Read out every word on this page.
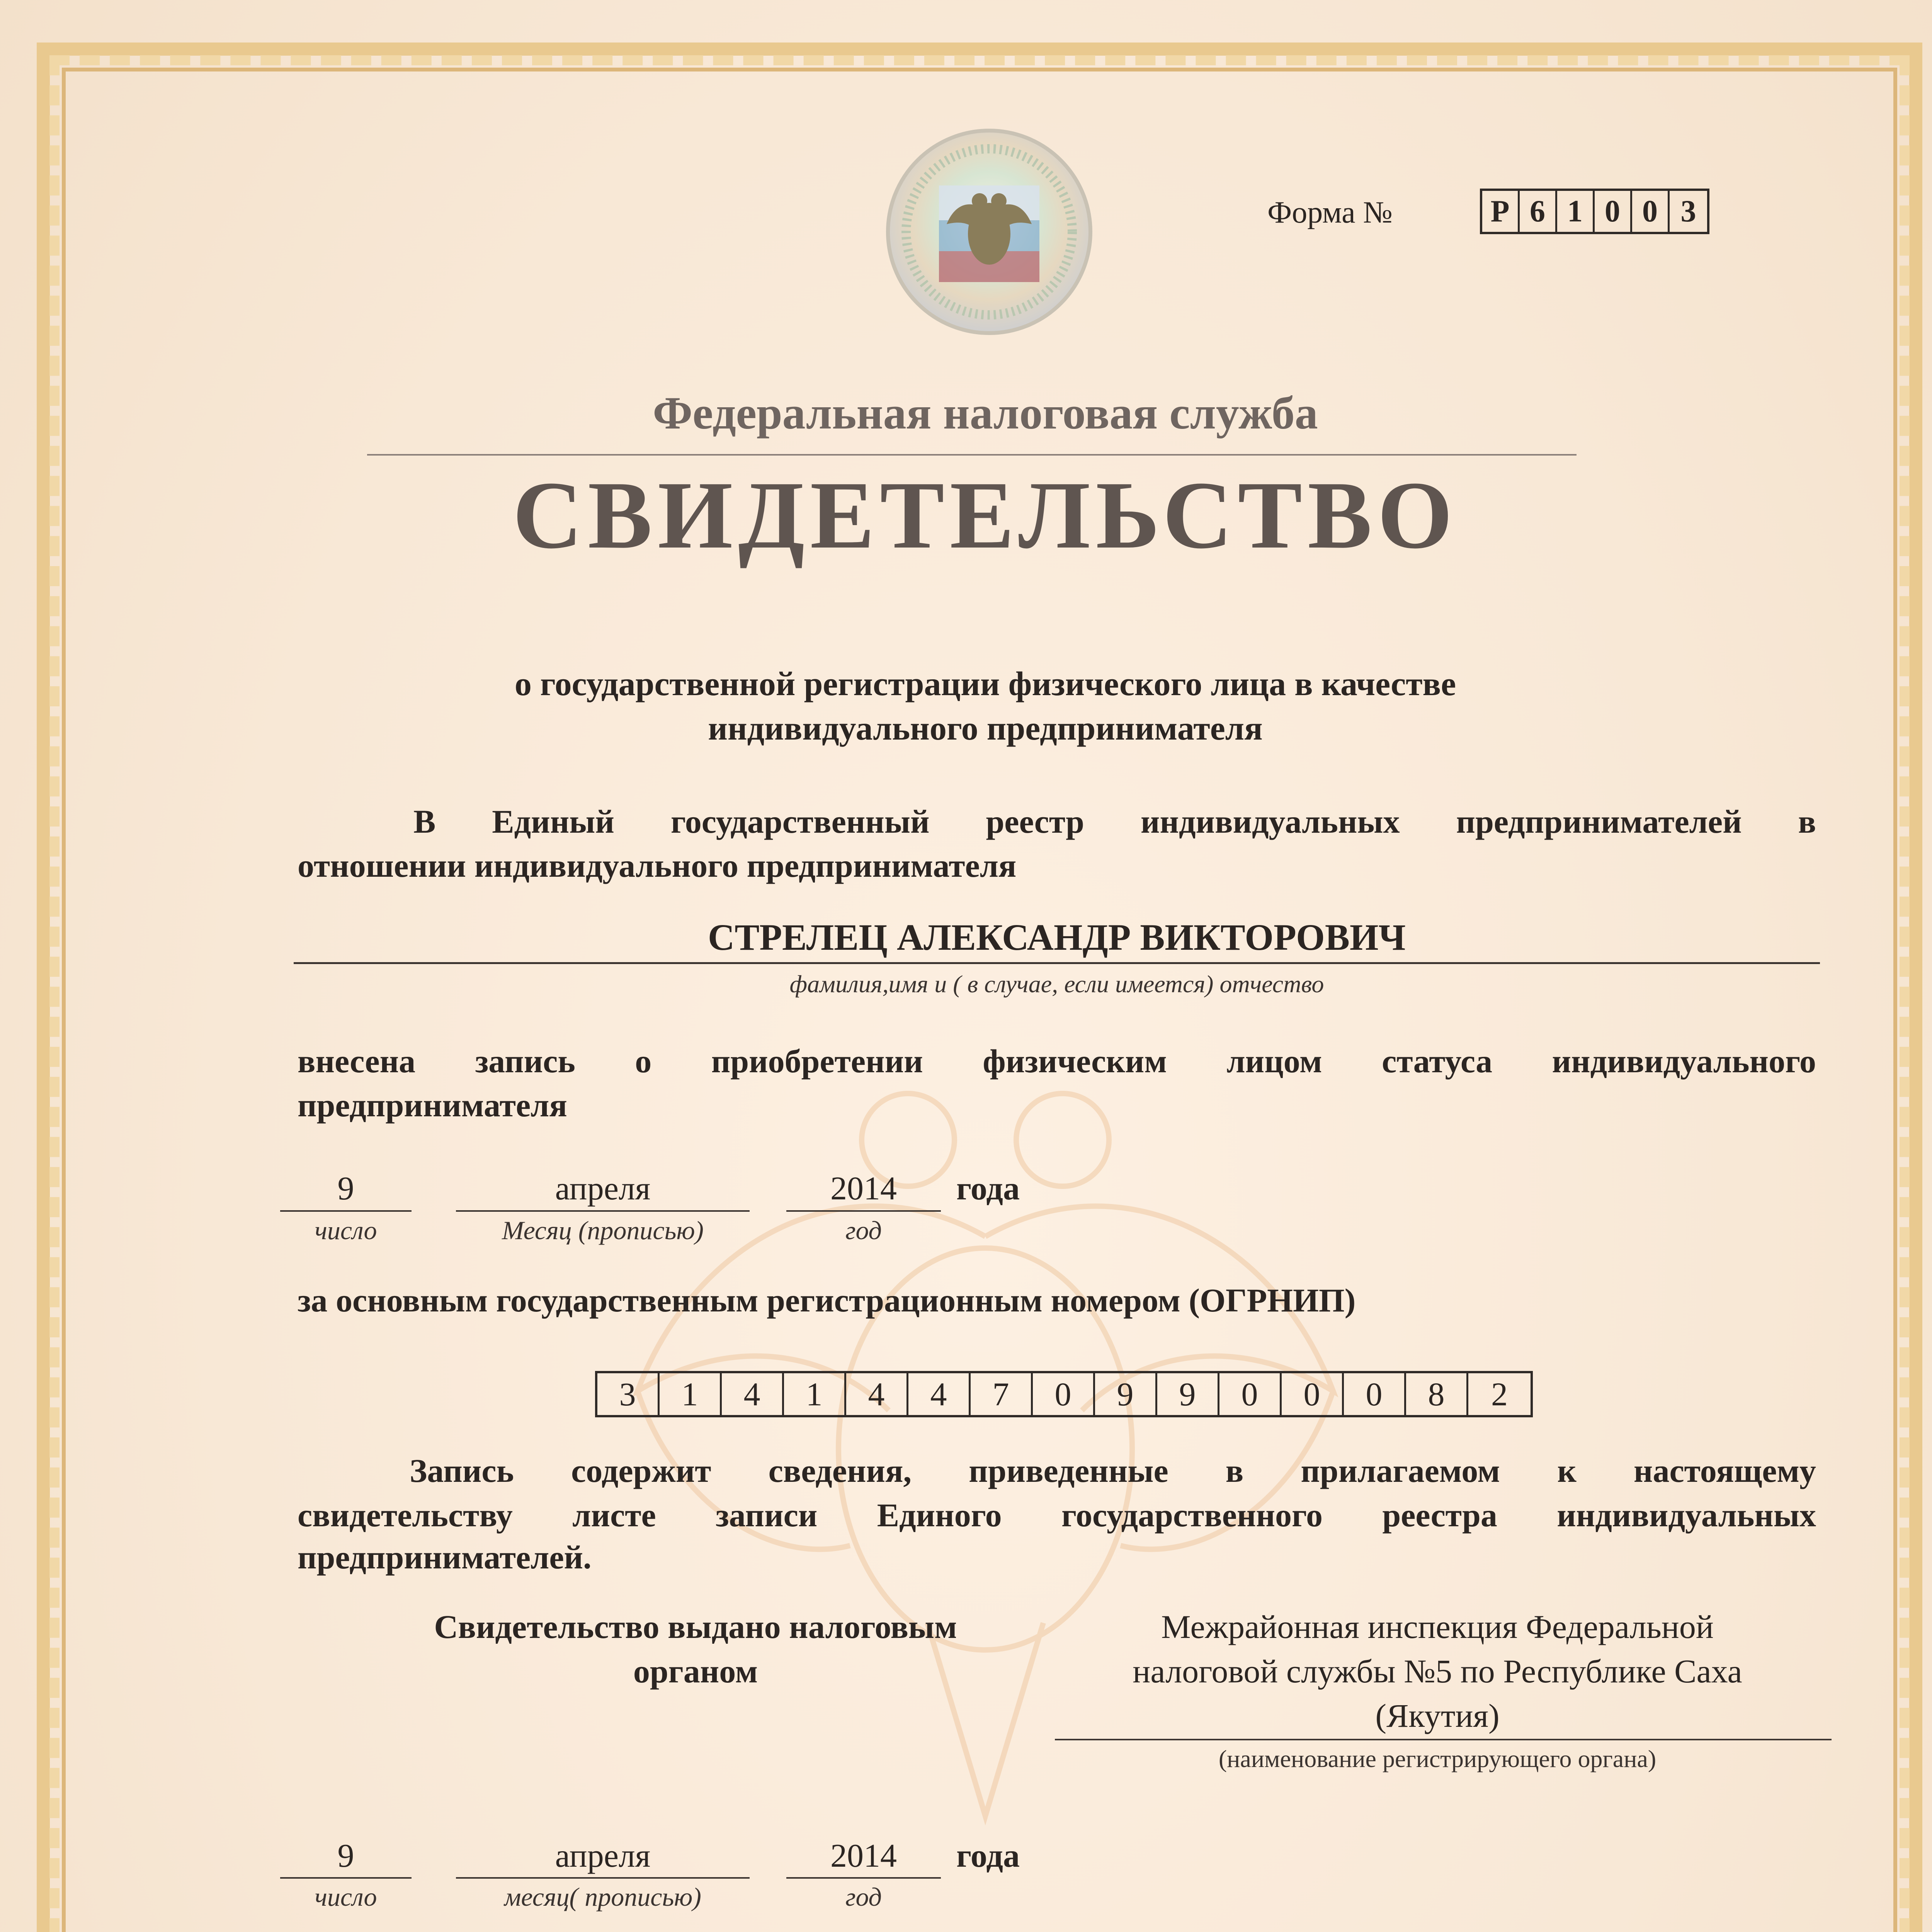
Форма №	Р 6 1 0 0 3
Федеральная налоговая служба
СВИДЕТЕЛЬСТВО
о государственной регистрации физического лица в качестве
индивидуального предпринимателя
В Единый государственный реестр индивидуальных предпринимателей в
отношении индивидуального предпринимателя
СТРЕЛЕЦ АЛЕКСАНДР ВИКТОРОВИЧ
фамилия,имя и ( в случае, если имеется) отчество
внесена запись о приобретении физическим лицом статуса индивидуального
предпринимателя
9
число
апреля
Месяц (прописью)
2014
год
года
за основным государственным регистрационным номером (ОГРНИП)
3	1	4	1	4	4	7	0	9	9	0	0	0	8	2
Запись содержит сведения, приведенные в прилагаемом к настоящему
свидетельству листе записи Единого государственного реестра индивидуальных
предпринимателей.
Свидетельство выдано налоговым
органом
Межрайонная инспекция Федеральной
налоговой службы №5 по Республике Саха
(Якутия)
(наименование регистрирующего органа)
9
число
апреля
месяц( прописью)
2014
год
года
